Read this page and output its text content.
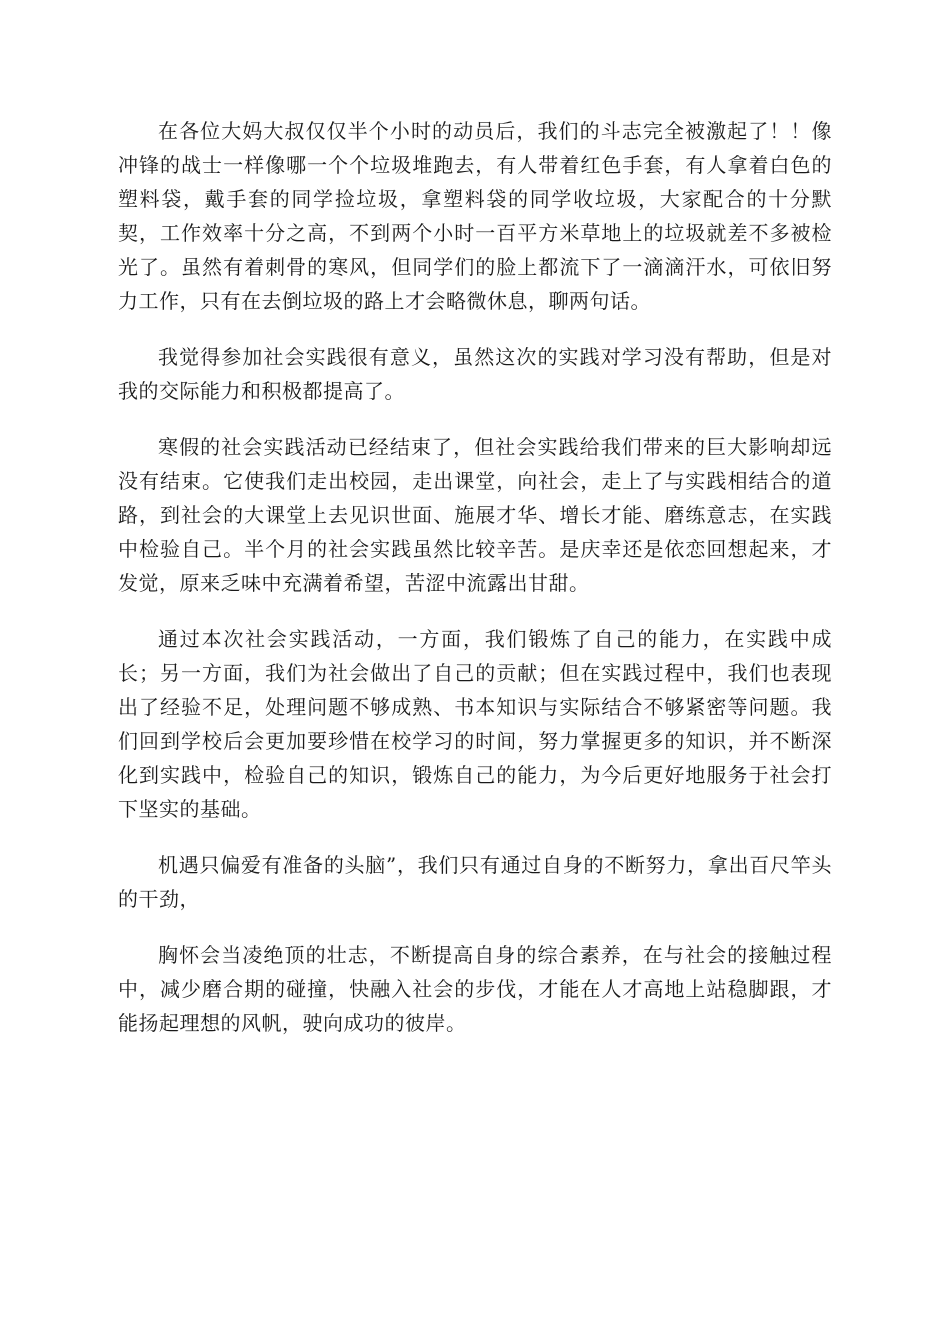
在各位大妈大叔仅仅半个小时的动员后，我们的斗志完全被激起了！！像冲锋的战士一样像哪一个个垃圾堆跑去，有人带着红色手套，有人拿着白色的塑料袋，戴手套的同学捡垃圾，拿塑料袋的同学收垃圾，大家配合的十分默契，工作效率十分之高，不到两个小时一百平方米草地上的垃圾就差不多被检光了。虽然有着刺骨的寒风，但同学们的脸上都流下了一滴滴汗水，可依旧努力工作，只有在去倒垃圾的路上才会略微休息，聊两句话。

我觉得参加社会实践很有意义，虽然这次的实践对学习没有帮助，但是对我的交际能力和积极都提高了。

寒假的社会实践活动已经结束了，但社会实践给我们带来的巨大影响却远没有结束。它使我们走出校园，走出课堂，向社会，走上了与实践相结合的道路，到社会的大课堂上去见识世面、施展才华、增长才能、磨练意志，在实践中检验自己。半个月的社会实践虽然比较辛苦。是庆幸还是依恋回想起来，才发觉，原来乏味中充满着希望，苦涩中流露出甘甜。

通过本次社会实践活动，一方面，我们锻炼了自己的能力，在实践中成长；另一方面，我们为社会做出了自己的贡献；但在实践过程中，我们也表现出了经验不足，处理问题不够成熟、书本知识与实际结合不够紧密等问题。我们回到学校后会更加要珍惜在校学习的时间，努力掌握更多的知识，并不断深化到实践中，检验自己的知识，锻炼自己的能力，为今后更好地服务于社会打下坚实的基础。

机遇只偏爱有准备的头脑”，我们只有通过自身的不断努力，拿出百尺竿头的干劲，

胸怀会当凌绝顶的壮志，不断提高自身的综合素养，在与社会的接触过程中，减少磨合期的碰撞，快融入社会的步伐，才能在人才高地上站稳脚跟，才能扬起理想的风帆，驶向成功的彼岸。
